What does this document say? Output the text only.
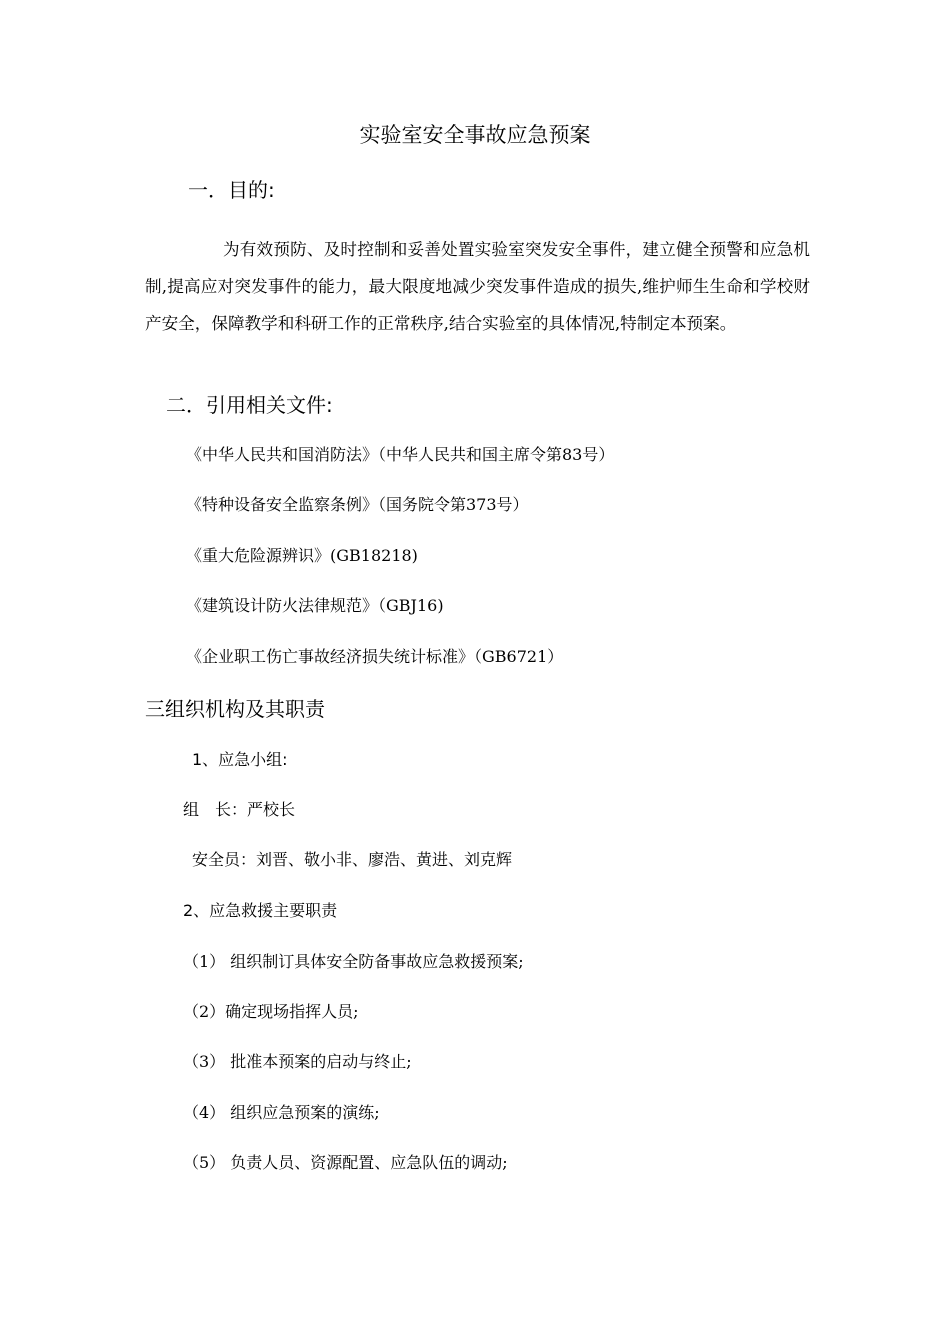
实验室安全事故应急预案
一．目的:
为有效预防、及时控制和妥善处置实验室突发安全事件，建立健全预警和应急机制,提高应对突发事件的能力，最大限度地减少突发事件造成的损失,维护师生生命和学校财产安全，保障教学和科研工作的正常秩序,结合实验室的具体情况,特制定本预案。
二．引用相关文件:
《中华人民共和国消防法》（中华人民共和国主席令第83号）
《特种设备安全监察条例》（国务院令第373号）
《重大危险源辨识》(GB18218)
《建筑设计防火法律规范》（GBJ16)
《企业职工伤亡事故经济损失统计标准》（GB6721）
三组织机构及其职责
1、应急小组:
组　长：严校长
安全员：刘晋、敬小非、廖浩、黄进、刘克辉
2、应急救援主要职责
（1） 组织制订具体安全防备事故应急救援预案;
（2）确定现场指挥人员;
（3） 批准本预案的启动与终止;
（4） 组织应急预案的演练;
（5） 负责人员、资源配置、应急队伍的调动;
